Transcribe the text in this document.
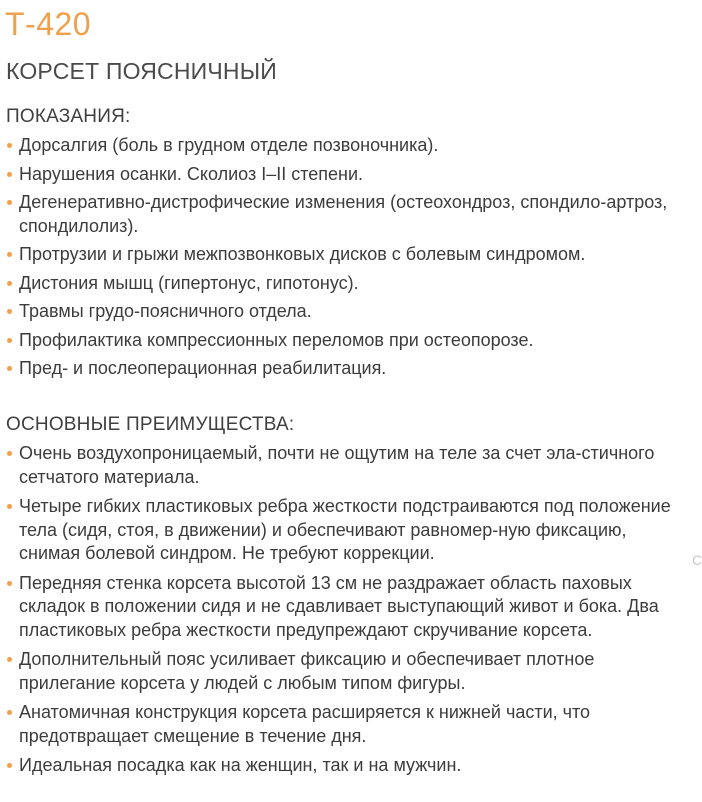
Т-420
КОРСЕТ ПОЯСНИЧНЫЙ
ПОКАЗАНИЯ:
Дорсалгия (боль в грудном отделе позвоночника).
Нарушения осанки. Сколиоз I–II степени.
Дегенеративно-дистрофические изменения (остеохондроз, спондило-артроз, спондилолиз).
Протрузии и грыжи межпозвонковых дисков с болевым синдромом.
Дистония мышц (гипертонус, гипотонус).
Травмы грудо-поясничного отдела.
Профилактика компрессионных переломов при остеопорозе.
Пред- и послеоперационная реабилитация.
ОСНОВНЫЕ ПРЕИМУЩЕСТВА:
Очень воздухопроницаемый, почти не ощутим на теле за счет эла-стичного сетчатого материала.
Четыре гибких пластиковых ребра жесткости подстраиваются под положение тела (сидя, стоя, в движении) и обеспечивают равномер-ную фиксацию, снимая болевой синдром. Не требуют коррекции.
Передняя стенка корсета высотой 13 см не раздражает область паховых складок в положении сидя и не сдавливает выступающий живот и бока. Два пластиковых ребра жесткости предупреждают скручивание корсета.
Дополнительный пояс усиливает фиксацию и обеспечивает плотное прилегание корсета у людей с любым типом фигуры.
Анатомичная конструкция корсета расширяется к нижней части, что предотвращает смещение в течение дня.
Идеальная посадка как на женщин, так и на мужчин.
C
